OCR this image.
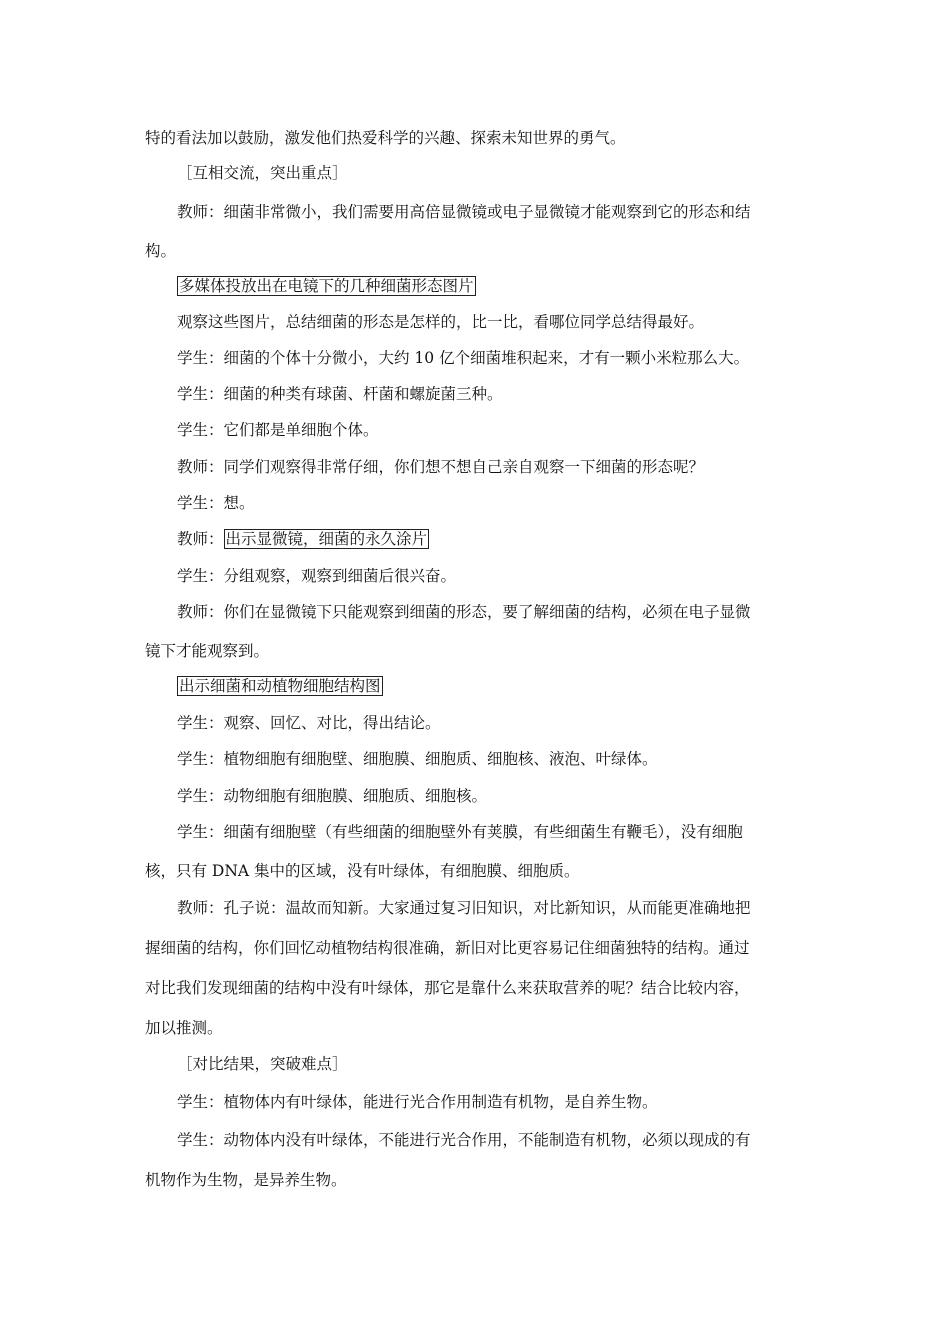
特的看法加以鼓励，激发他们热爱科学的兴趣、探索未知世界的勇气。
［互相交流，突出重点］
教师：细菌非常微小，我们需要用高倍显微镜或电子显微镜才能观察到它的形态和结
构。
多媒体投放出在电镜下的几种细菌形态图片
观察这些图片，总结细菌的形态是怎样的，比一比，看哪位同学总结得最好。
学生：细菌的个体十分微小，大约 10 亿个细菌堆积起来，才有一颗小米粒那么大。
学生：细菌的种类有球菌、杆菌和螺旋菌三种。
学生：它们都是单细胞个体。
教师：同学们观察得非常仔细，你们想不想自己亲自观察一下细菌的形态呢？
学生：想。
教师： 出示显微镜，细菌的永久涂片
学生：分组观察，观察到细菌后很兴奋。
教师：你们在显微镜下只能观察到细菌的形态，要了解细菌的结构，必须在电子显微
镜下才能观察到。
出示细菌和动植物细胞结构图
学生：观察、回忆、对比，得出结论。
学生：植物细胞有细胞壁、细胞膜、细胞质、细胞核、液泡、叶绿体。
学生：动物细胞有细胞膜、细胞质、细胞核。
学生：细菌有细胞壁（有些细菌的细胞壁外有荚膜，有些细菌生有鞭毛），没有细胞
核，只有 DNA 集中的区域，没有叶绿体，有细胞膜、细胞质。
教师：孔子说：温故而知新。大家通过复习旧知识，对比新知识，从而能更准确地把
握细菌的结构，你们回忆动植物结构很准确，新旧对比更容易记住细菌独特的结构。通过
对比我们发现细菌的结构中没有叶绿体，那它是靠什么来获取营养的呢？结合比较内容，
加以推测。
［对比结果，突破难点］
学生：植物体内有叶绿体，能进行光合作用制造有机物，是自养生物。
学生：动物体内没有叶绿体，不能进行光合作用，不能制造有机物，必须以现成的有
机物作为生物，是异养生物。
